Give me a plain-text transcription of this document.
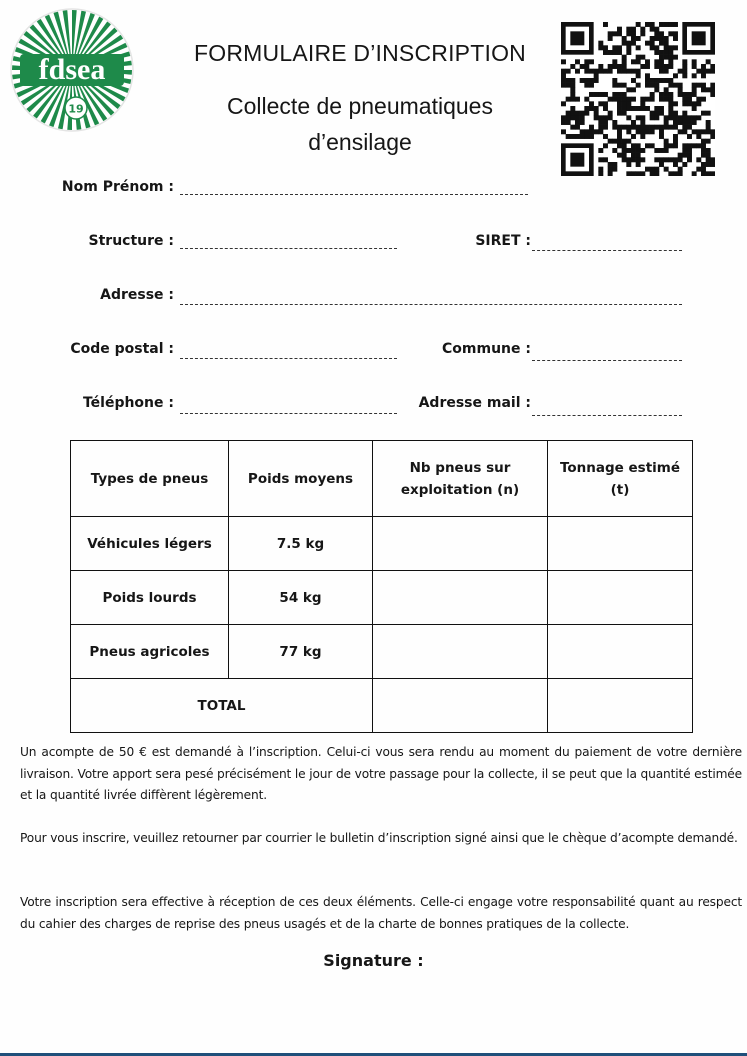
fdsea
19
FORMULAIRE D’INSCRIPTION
Collecte de pneumatiques
d’ensilage
Nom Prénom :
Structure :	SIRET :
Adresse :
Code postal :	Commune :
Téléphone :	Adresse mail :
Types de pneus	Poids moyens	Nb pneus sur exploitation (n)	Tonnage estimé (t)
Véhicules légers	7.5 kg		
Poids lourds	54 kg		
Pneus agricoles	77 kg		
TOTAL			
Un acompte de 50 € est demandé à l’inscription. Celui-ci vous sera rendu au moment du paiement de votre dernière livraison. Votre apport sera pesé précisément le jour de votre passage pour la collecte, il se peut que la quantité estimée et la quantité livrée diffèrent légèrement.
Pour vous inscrire, veuillez retourner par courrier le bulletin d’inscription signé ainsi que le chèque d’acompte demandé.
Votre inscription sera effective à réception de ces deux éléments. Celle-ci engage votre responsabilité quant au respect du cahier des charges de reprise des pneus usagés et de la charte de bonnes pratiques de la collecte.
Signature :
